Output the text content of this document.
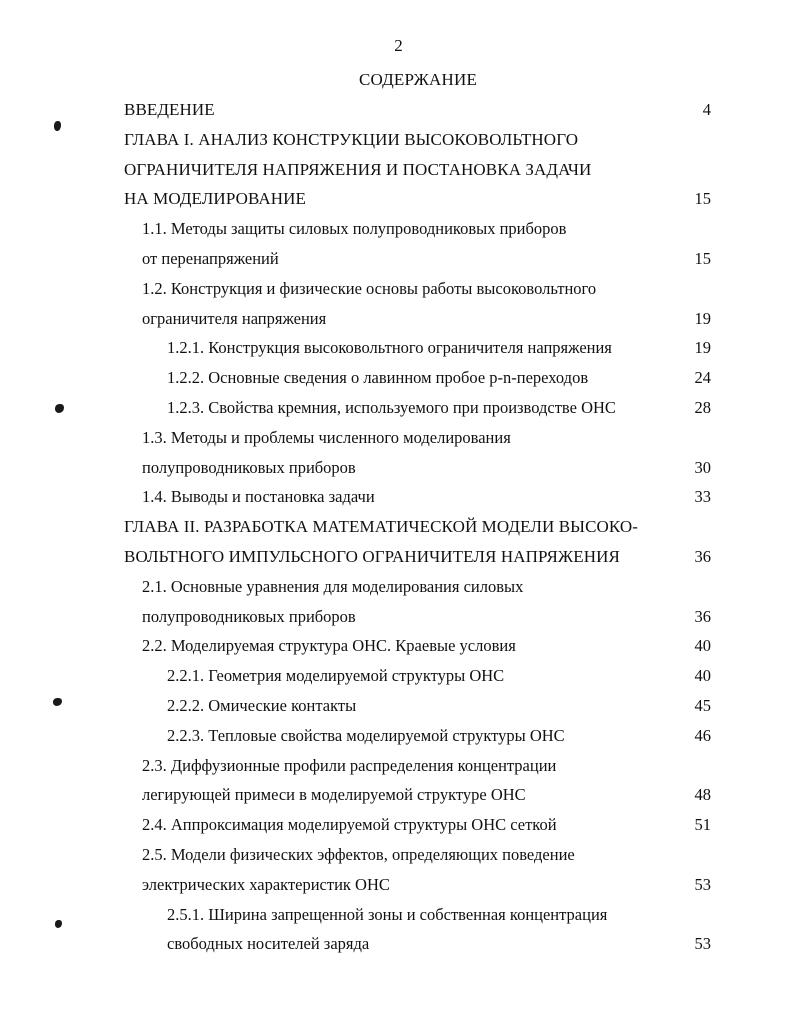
2
СОДЕРЖАНИЕ
ВВЕДЕНИЕ	4
ГЛАВА I. АНАЛИЗ КОНСТРУКЦИИ ВЫСОКОВОЛЬТНОГО
ОГРАНИЧИТЕЛЯ НАПРЯЖЕНИЯ И ПОСТАНОВКА ЗАДАЧИ
НА МОДЕЛИРОВАНИЕ	15
1.1. Методы защиты силовых полупроводниковых приборов
от перенапряжений	15
1.2. Конструкция и физические основы работы высоковольтного
ограничителя напряжения	19
1.2.1. Конструкция высоковольтного ограничителя напряжения	19
1.2.2. Основные сведения о лавинном пробое p-n-переходов	24
1.2.3. Свойства кремния, используемого при производстве ОНС	28
1.3. Методы и проблемы численного моделирования
полупроводниковых приборов	30
1.4. Выводы и постановка задачи	33
ГЛАВА II. РАЗРАБОТКА МАТЕМАТИЧЕСКОЙ МОДЕЛИ ВЫСОКО-
ВОЛЬТНОГО ИМПУЛЬСНОГО ОГРАНИЧИТЕЛЯ НАПРЯЖЕНИЯ	36
2.1. Основные уравнения для моделирования силовых
полупроводниковых приборов	36
2.2. Моделируемая структура ОНС. Краевые условия	40
2.2.1. Геометрия моделируемой структуры ОНС	40
2.2.2. Омические контакты	45
2.2.3. Тепловые свойства моделируемой структуры ОНС	46
2.3. Диффузионные профили распределения концентрации
легирующей примеси в моделируемой структуре ОНС	48
2.4. Аппроксимация моделируемой структуры ОНС сеткой	51
2.5. Модели физических эффектов, определяющих поведение
электрических характеристик ОНС	53
2.5.1. Ширина запрещенной зоны и собственная концентрация
свободных носителей заряда	53
